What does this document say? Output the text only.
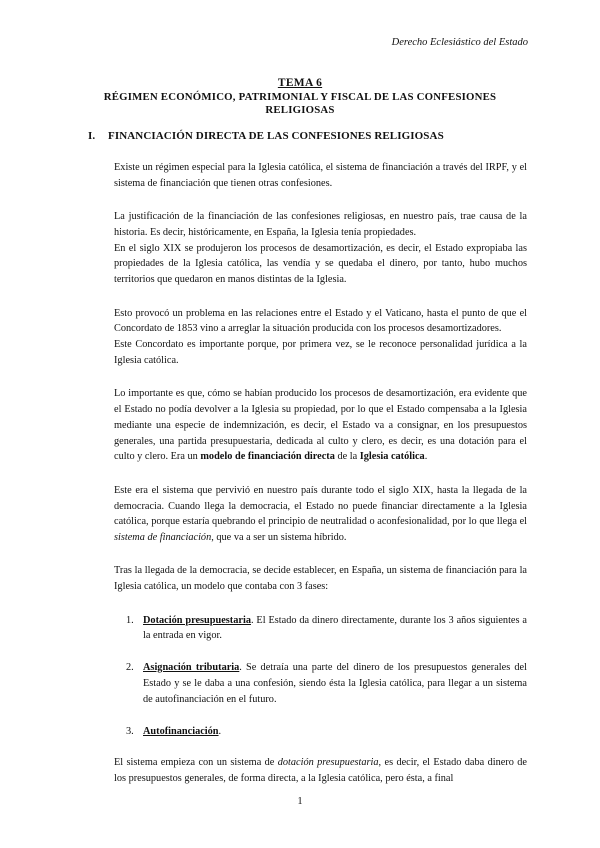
Derecho Eclesiástico del Estado
TEMA 6
RÉGIMEN ECONÓMICO, PATRIMONIAL Y FISCAL DE LAS CONFESIONES RELIGIOSAS
I. FINANCIACIÓN DIRECTA DE LAS CONFESIONES RELIGIOSAS

Existe un régimen especial para la Iglesia católica, el sistema de financiación a través del IRPF, y el sistema de financiación que tienen otras confesiones.

La justificación de la financiación de las confesiones religiosas, en nuestro país, trae causa de la historia. Es decir, históricamente, en España, la Iglesia tenía propiedades.

En el siglo XIX se produjeron los procesos de desamortización, es decir, el Estado expropiaba las propiedades de la Iglesia católica, las vendía y se quedaba el dinero, por tanto, hubo muchos territorios que quedaron en manos distintas de la Iglesia.

Esto provocó un problema en las relaciones entre el Estado y el Vaticano, hasta el punto de que el Concordato de 1853 vino a arreglar la situación producida con los procesos desamortizadores.

Este Concordato es importante porque, por primera vez, se le reconoce personalidad jurídica a la Iglesia católica.

Lo importante es que, cómo se habían producido los procesos de desamortización, era evidente que el Estado no podía devolver a la Iglesia su propiedad, por lo que el Estado compensaba a la Iglesia mediante una especie de indemnización, es decir, el Estado va a consignar, en los presupuestos generales, una partida presupuestaria, dedicada al culto y clero, es decir, es una dotación para el culto y clero. Era un modelo de financiación directa de la Iglesia católica.

Este era el sistema que pervivió en nuestro país durante todo el siglo XIX, hasta la llegada de la democracia. Cuando llega la democracia, el Estado no puede financiar directamente a la Iglesia católica, porque estaría quebrando el principio de neutralidad o aconfesionalidad, por lo que llega el sistema de financiación, que va a ser un sistema híbrido.

Tras la llegada de la democracia, se decide establecer, en España, un sistema de financiación para la Iglesia católica, un modelo que contaba con 3 fases:

1. Dotación presupuestaria. El Estado da dinero directamente, durante los 3 años siguientes a la entrada en vigor.
2. Asignación tributaria. Se detraía una parte del dinero de los presupuestos generales del Estado y se le daba a una confesión, siendo ésta la Iglesia católica, para llegar a un sistema de autofinanciación en el futuro.
3. Autofinanciación.

El sistema empieza con un sistema de dotación presupuestaria, es decir, el Estado daba dinero de los presupuestos generales, de forma directa, a la Iglesia católica, pero ésta, a final

1
